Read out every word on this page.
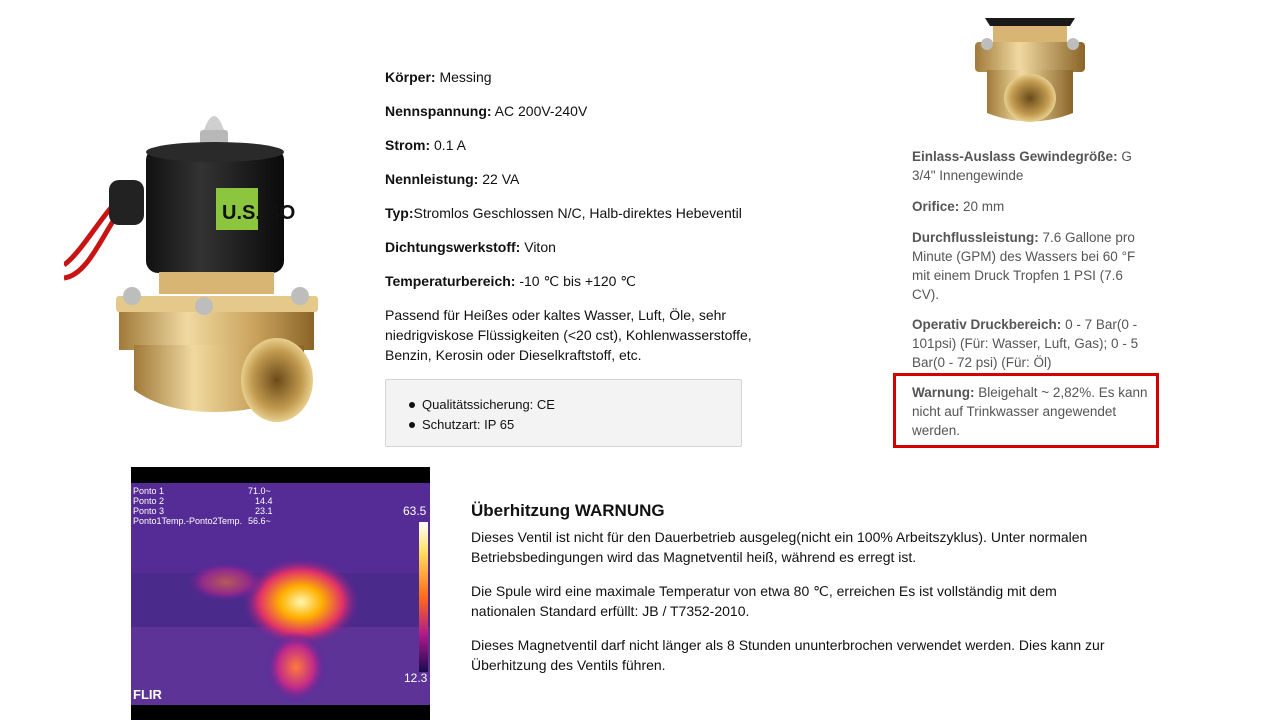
U.S. SO
Körper: Messing
Nennspannung: AC 200V-240V
Strom: 0.1 A
Nennleistung: 22 VA
Typ:Stromlos Geschlossen N/C, Halb-direktes Hebeventil
Dichtungswerkstoff: Viton
Temperaturbereich: -10 ℃ bis +120 ℃
Passend für Heißes oder kaltes Wasser, Luft, Öle, sehr niedrigviskose Flüssigkeiten (<20 cst), Kohlenwasserstoffe, Benzin, Kerosin oder Dieselkraftstoff, etc.
Qualitätssicherung: CE
Schutzart: IP 65
Einlass-Auslass Gewindegröße: G 3/4" Innengewinde
Orifice: 20 mm
Durchflussleistung: 7.6 Gallone pro Minute (GPM) des Wassers bei 60 °F mit einem Druck Tropfen 1 PSI (7.6 CV).
Operativ Druckbereich: 0 - 7 Bar(0 - 101psi) (Für: Wasser, Luft, Gas); 0 - 5 Bar(0 - 72 psi) (Für: Öl)
Warnung: Bleigehalt ~ 2,82%. Es kann nicht auf Trinkwasser angewendet werden.
Ponto 1	71.0~
Ponto 2	14.4
Ponto 3	23.1
Ponto1Temp.-Ponto2Temp. 56.6~
63.5
12.3
FLIR
Überhitzung WARNUNG
Dieses Ventil ist nicht für den Dauerbetrieb ausgeleg(nicht ein 100% Arbeitszyklus). Unter normalen Betriebsbedingungen wird das Magnetventil heiß, während es erregt ist.
Die Spule wird eine maximale Temperatur von etwa 80 ℃, erreichen Es ist vollständig mit dem nationalen Standard erfüllt: JB / T7352-2010.
Dieses Magnetventil darf nicht länger als 8 Stunden ununterbrochen verwendet werden. Dies kann zur Überhitzung des Ventils führen.
